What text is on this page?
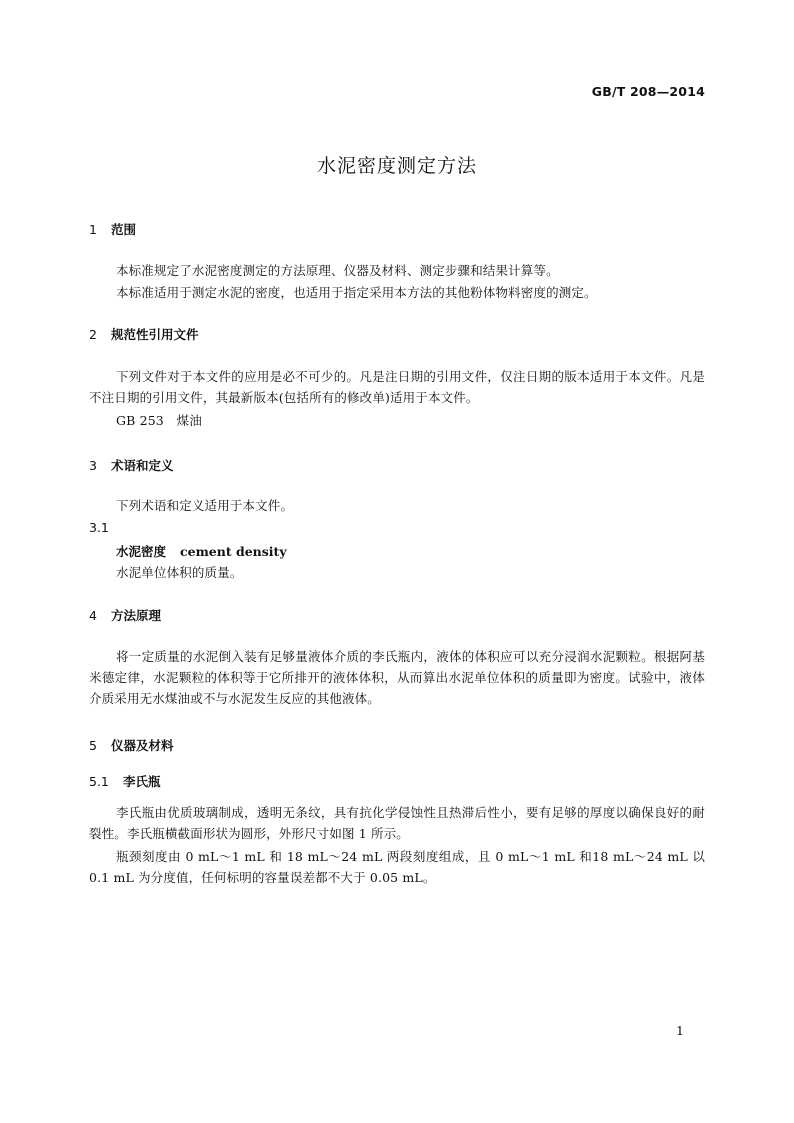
GB/T 208—2014
水泥密度测定方法
1 范围
本标准规定了水泥密度测定的方法原理、仪器及材料、测定步骤和结果计算等。
本标准适用于测定水泥的密度，也适用于指定采用本方法的其他粉体物料密度的测定。
2 规范性引用文件
下列文件对于本文件的应用是必不可少的。凡是注日期的引用文件，仅注日期的版本适用于本文件。凡是不注日期的引用文件，其最新版本(包括所有的修改单)适用于本文件。
GB 253　煤油
3 术语和定义
下列术语和定义适用于本文件。
3.1
水泥密度 cement density
水泥单位体积的质量。
4 方法原理
将一定质量的水泥倒入装有足够量液体介质的李氏瓶内，液体的体积应可以充分浸润水泥颗粒。根据阿基米德定律，水泥颗粒的体积等于它所排开的液体体积，从而算出水泥单位体积的质量即为密度。试验中，液体介质采用无水煤油或不与水泥发生反应的其他液体。
5 仪器及材料
5.1 李氏瓶
李氏瓶由优质玻璃制成，透明无条纹，具有抗化学侵蚀性且热滞后性小，要有足够的厚度以确保良好的耐裂性。李氏瓶横截面形状为圆形，外形尺寸如图 1 所示。
瓶颈刻度由 0 mL～1 mL 和 18 mL～24 mL 两段刻度组成，且 0 mL～1 mL 和18 mL～24 mL 以 0.1 mL 为分度值，任何标明的容量误差都不大于 0.05 mL。
1
